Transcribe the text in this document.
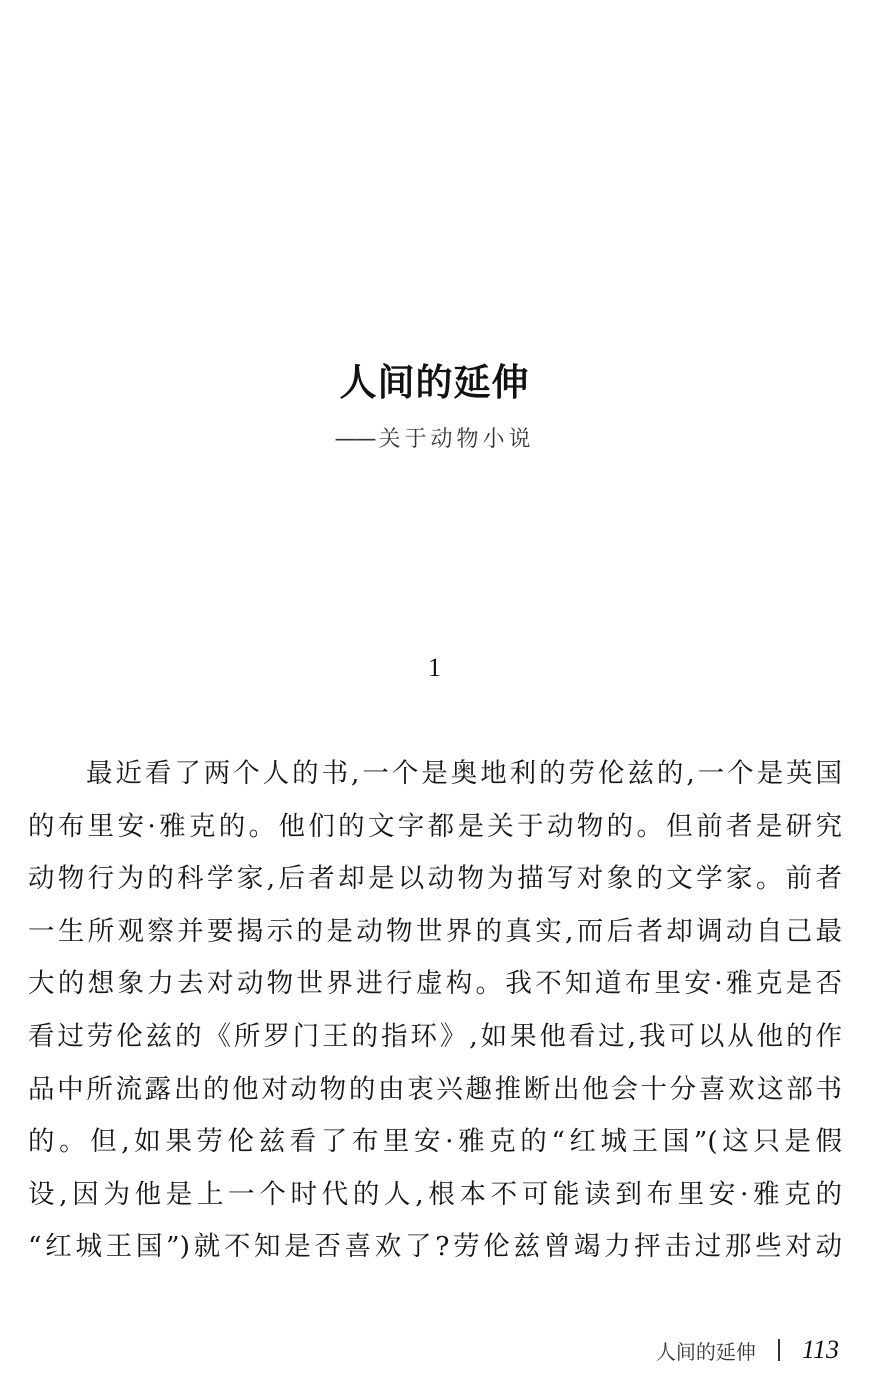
人间的延伸
—— 关于动物小说
1
最近看了两个人的书,一个是奥地利的劳伦兹的,一个是英国
的布里安·雅克的。他们的文字都是关于动物的。但前者是研究
动物行为的科学家,后者却是以动物为描写对象的文学家。前者
一生所观察并要揭示的是动物世界的真实,而后者却调动自己最
大的想象力去对动物世界进行虚构。我不知道布里安·雅克是否
看过劳伦兹的《所罗门王的指环》,如果他看过,我可以从他的作
品中所流露出的他对动物的由衷兴趣推断出他会十分喜欢这部书
的。但,如果劳伦兹看了布里安·雅克的“红城王国”(这只是假
设,因为他是上一个时代的人,根本不可能读到布里安·雅克的
“红城王国”)就不知是否喜欢了?劳伦兹曾竭力抨击过那些对动
人间的延伸 113
